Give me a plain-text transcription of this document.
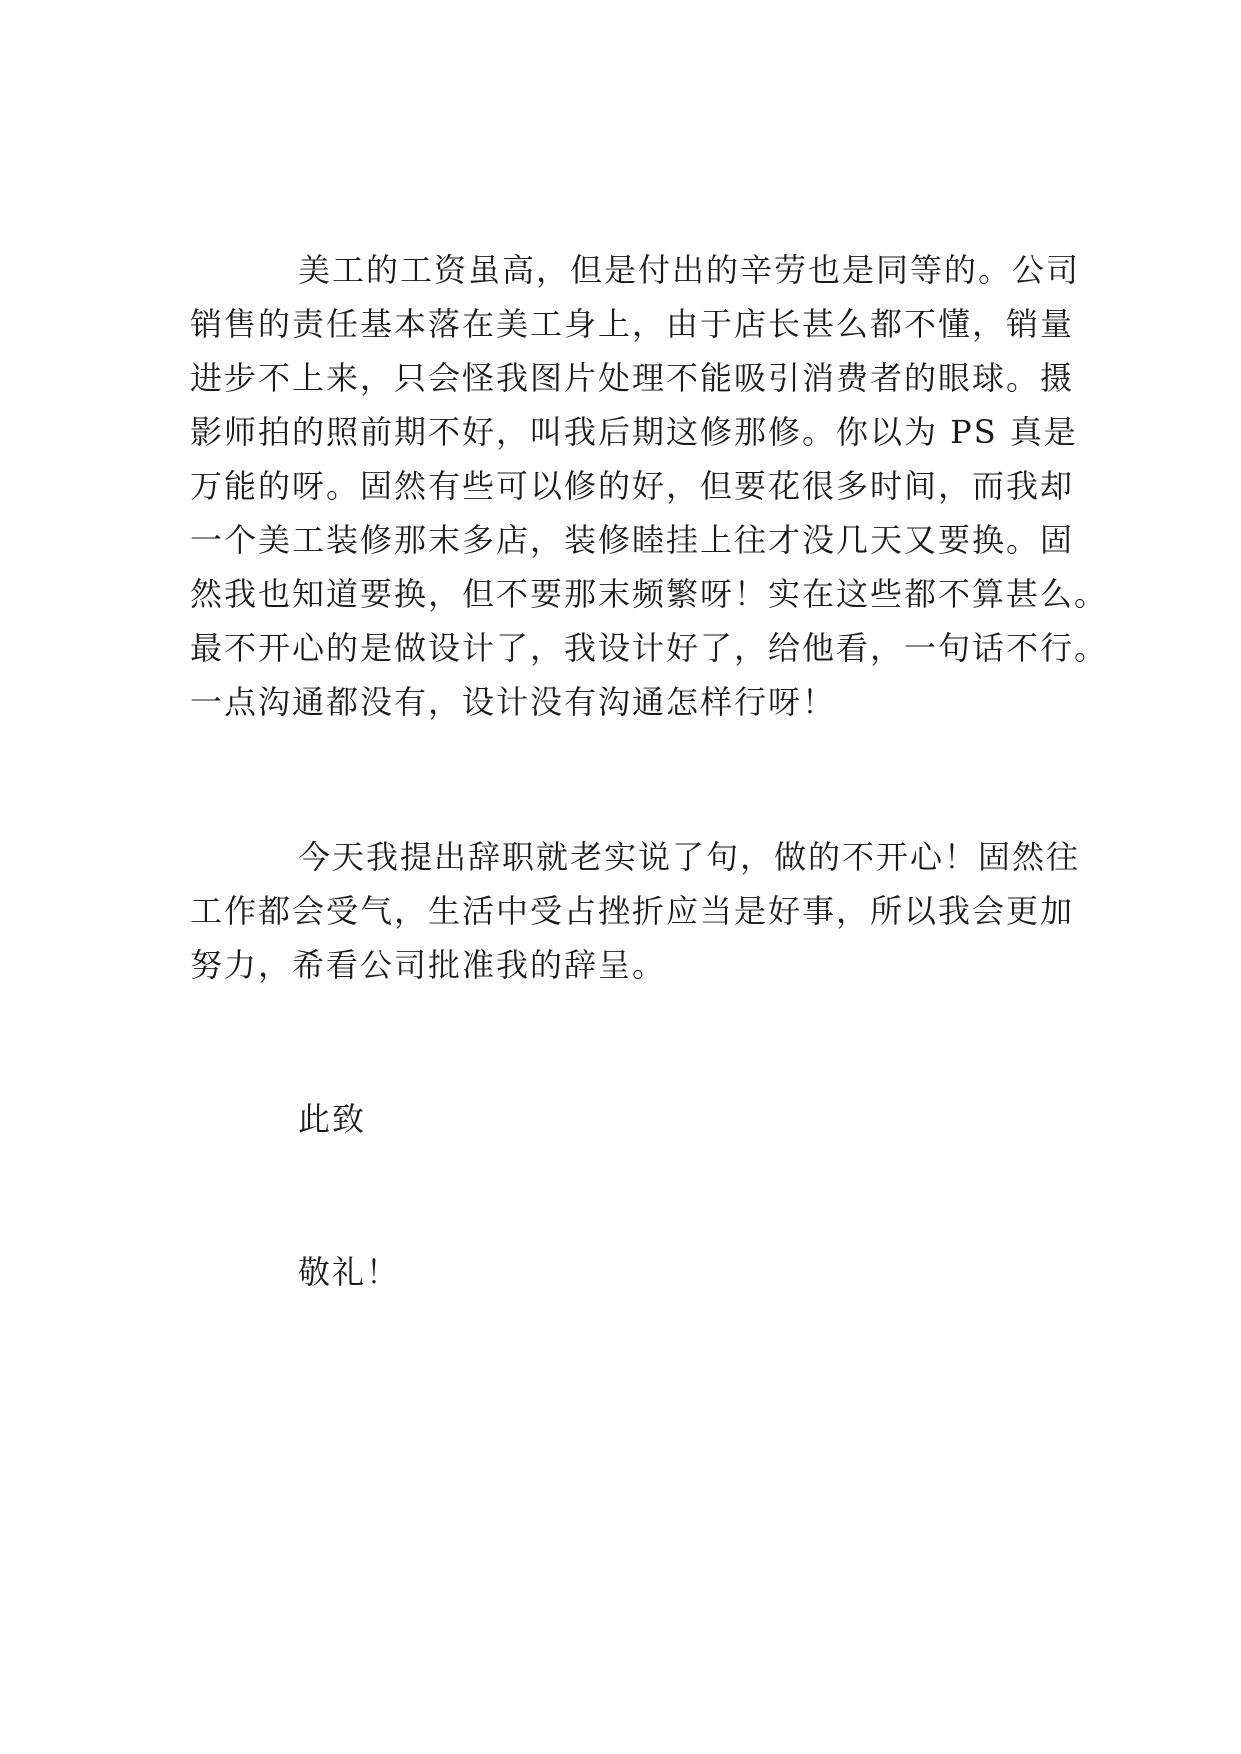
美工的工资虽高，但是付出的辛劳也是同等的。公司
销售的责任基本落在美工身上，由于店长甚么都不懂，销量
进步不上来，只会怪我图片处理不能吸引消费者的眼球。摄
影师拍的照前期不好，叫我后期这修那修。你以为 PS 真是
万能的呀。固然有些可以修的好，但要花很多时间，而我却
一个美工装修那末多店，装修睦挂上往才没几天又要换。固
然我也知道要换，但不要那末频繁呀！实在这些都不算甚么。
最不开心的是做设计了，我设计好了，给他看，一句话不行。
一点沟通都没有，设计没有沟通怎样行呀！
今天我提出辞职就老实说了句，做的不开心！固然往
工作都会受气，生活中受占挫折应当是好事，所以我会更加
努力，希看公司批准我的辞呈。
此致
敬礼！
